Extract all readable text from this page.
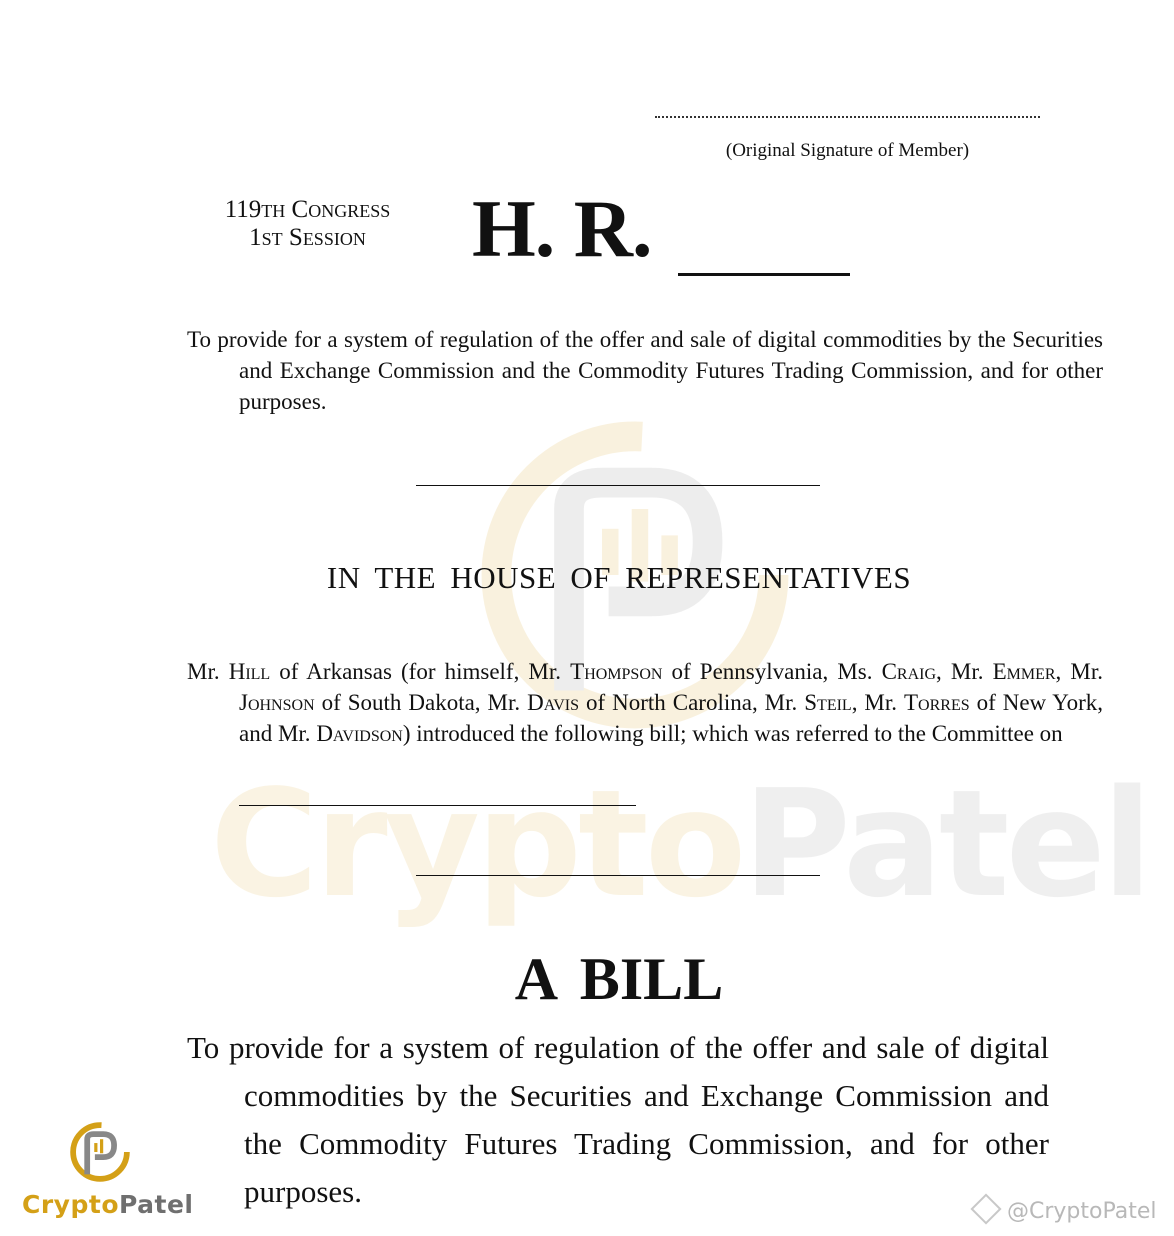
CryptoPatel
(Original Signature of Member)
119th Congress
1st Session	H. R.
To provide for a system of regulation of the offer and sale of digital commodities by the Securities and Exchange Commission and the Commodity Futures Trading Commission, and for other purposes.
IN THE HOUSE OF REPRESENTATIVES
Mr. Hill of Arkansas (for himself, Mr. Thompson of Pennsylvania, Ms. Craig, Mr. Emmer, Mr. Johnson of South Dakota, Mr. Davis of North Carolina, Mr. Steil, Mr. Torres of New York, and Mr. Davidson) introduced the following bill; which was referred to the Committee on
A BILL
To provide for a system of regulation of the offer and sale of digital commodities by the Securities and Exchange Commission and the Commodity Futures Trading Commission, and for other purposes.
CryptoPatel	@CryptoPatel
